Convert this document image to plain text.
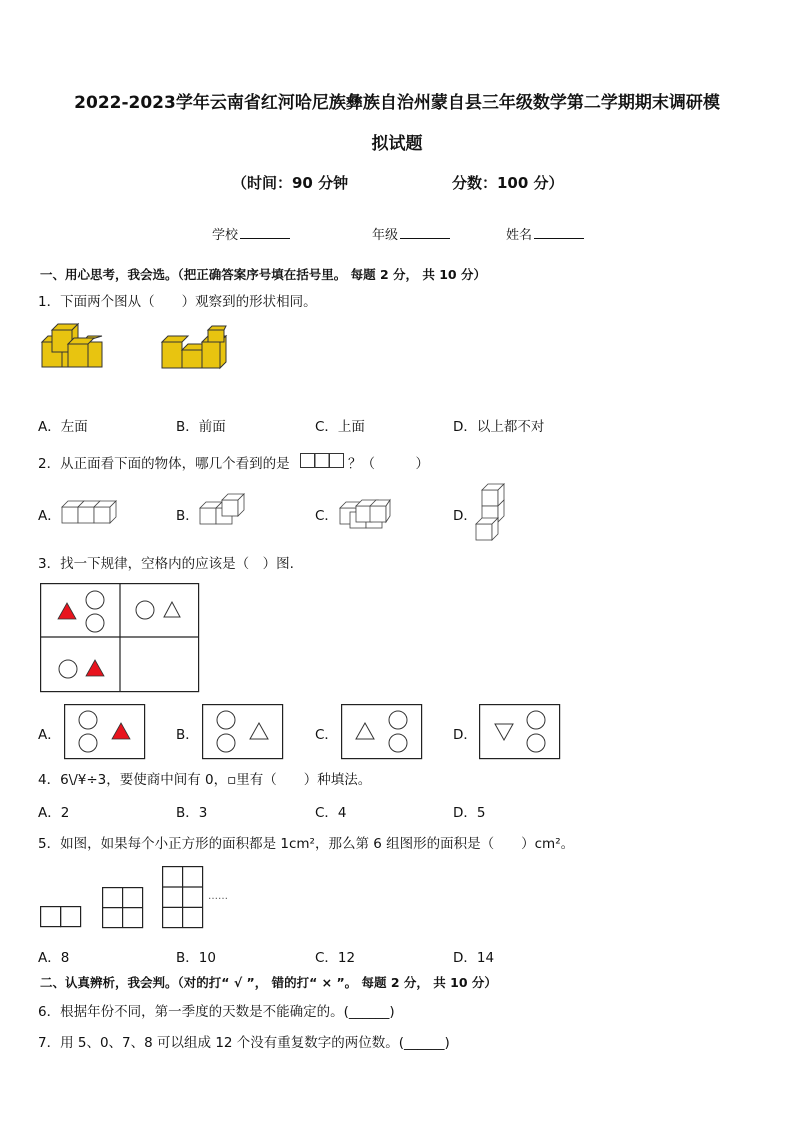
2022-2023学年云南省红河哈尼族彝族自治州蒙自县三年级数学第二学期期末调研模
拟试题
（时间：90 分钟	分数：100 分）
学校	年级	姓名
一、用心思考，我会选。（把正确答案序号填在括号里。 每题 2 分， 共 10 分）
1．下面两个图从（　　）观察到的形状相同。
A．左面	B．前面	C．上面	D．以上都不对
2．从正面看下面的物体，哪几个看到的是	？（　　　）
A．	B．	C．	D．
3．找一下规律，空格内的应该是（　）图.
A．	B．	C．	D．
4．6\/¥÷3，要使商中间有 0，▫里有（　　）种填法。
A．2	B．3	C．4	D．5
5．如图，如果每个小正方形的面积都是 1cm²，那么第 6 组图形的面积是（　　）cm²。
……
A．8	B．10	C．12	D．14
二、认真辨析，我会判。（对的打“ √ ”， 错的打“ × ”。 每题 2 分， 共 10 分）
6．根据年份不同，第一季度的天数是不能确定的。(______)
7．用 5、0、7、8 可以组成 12 个没有重复数字的两位数。(______)
